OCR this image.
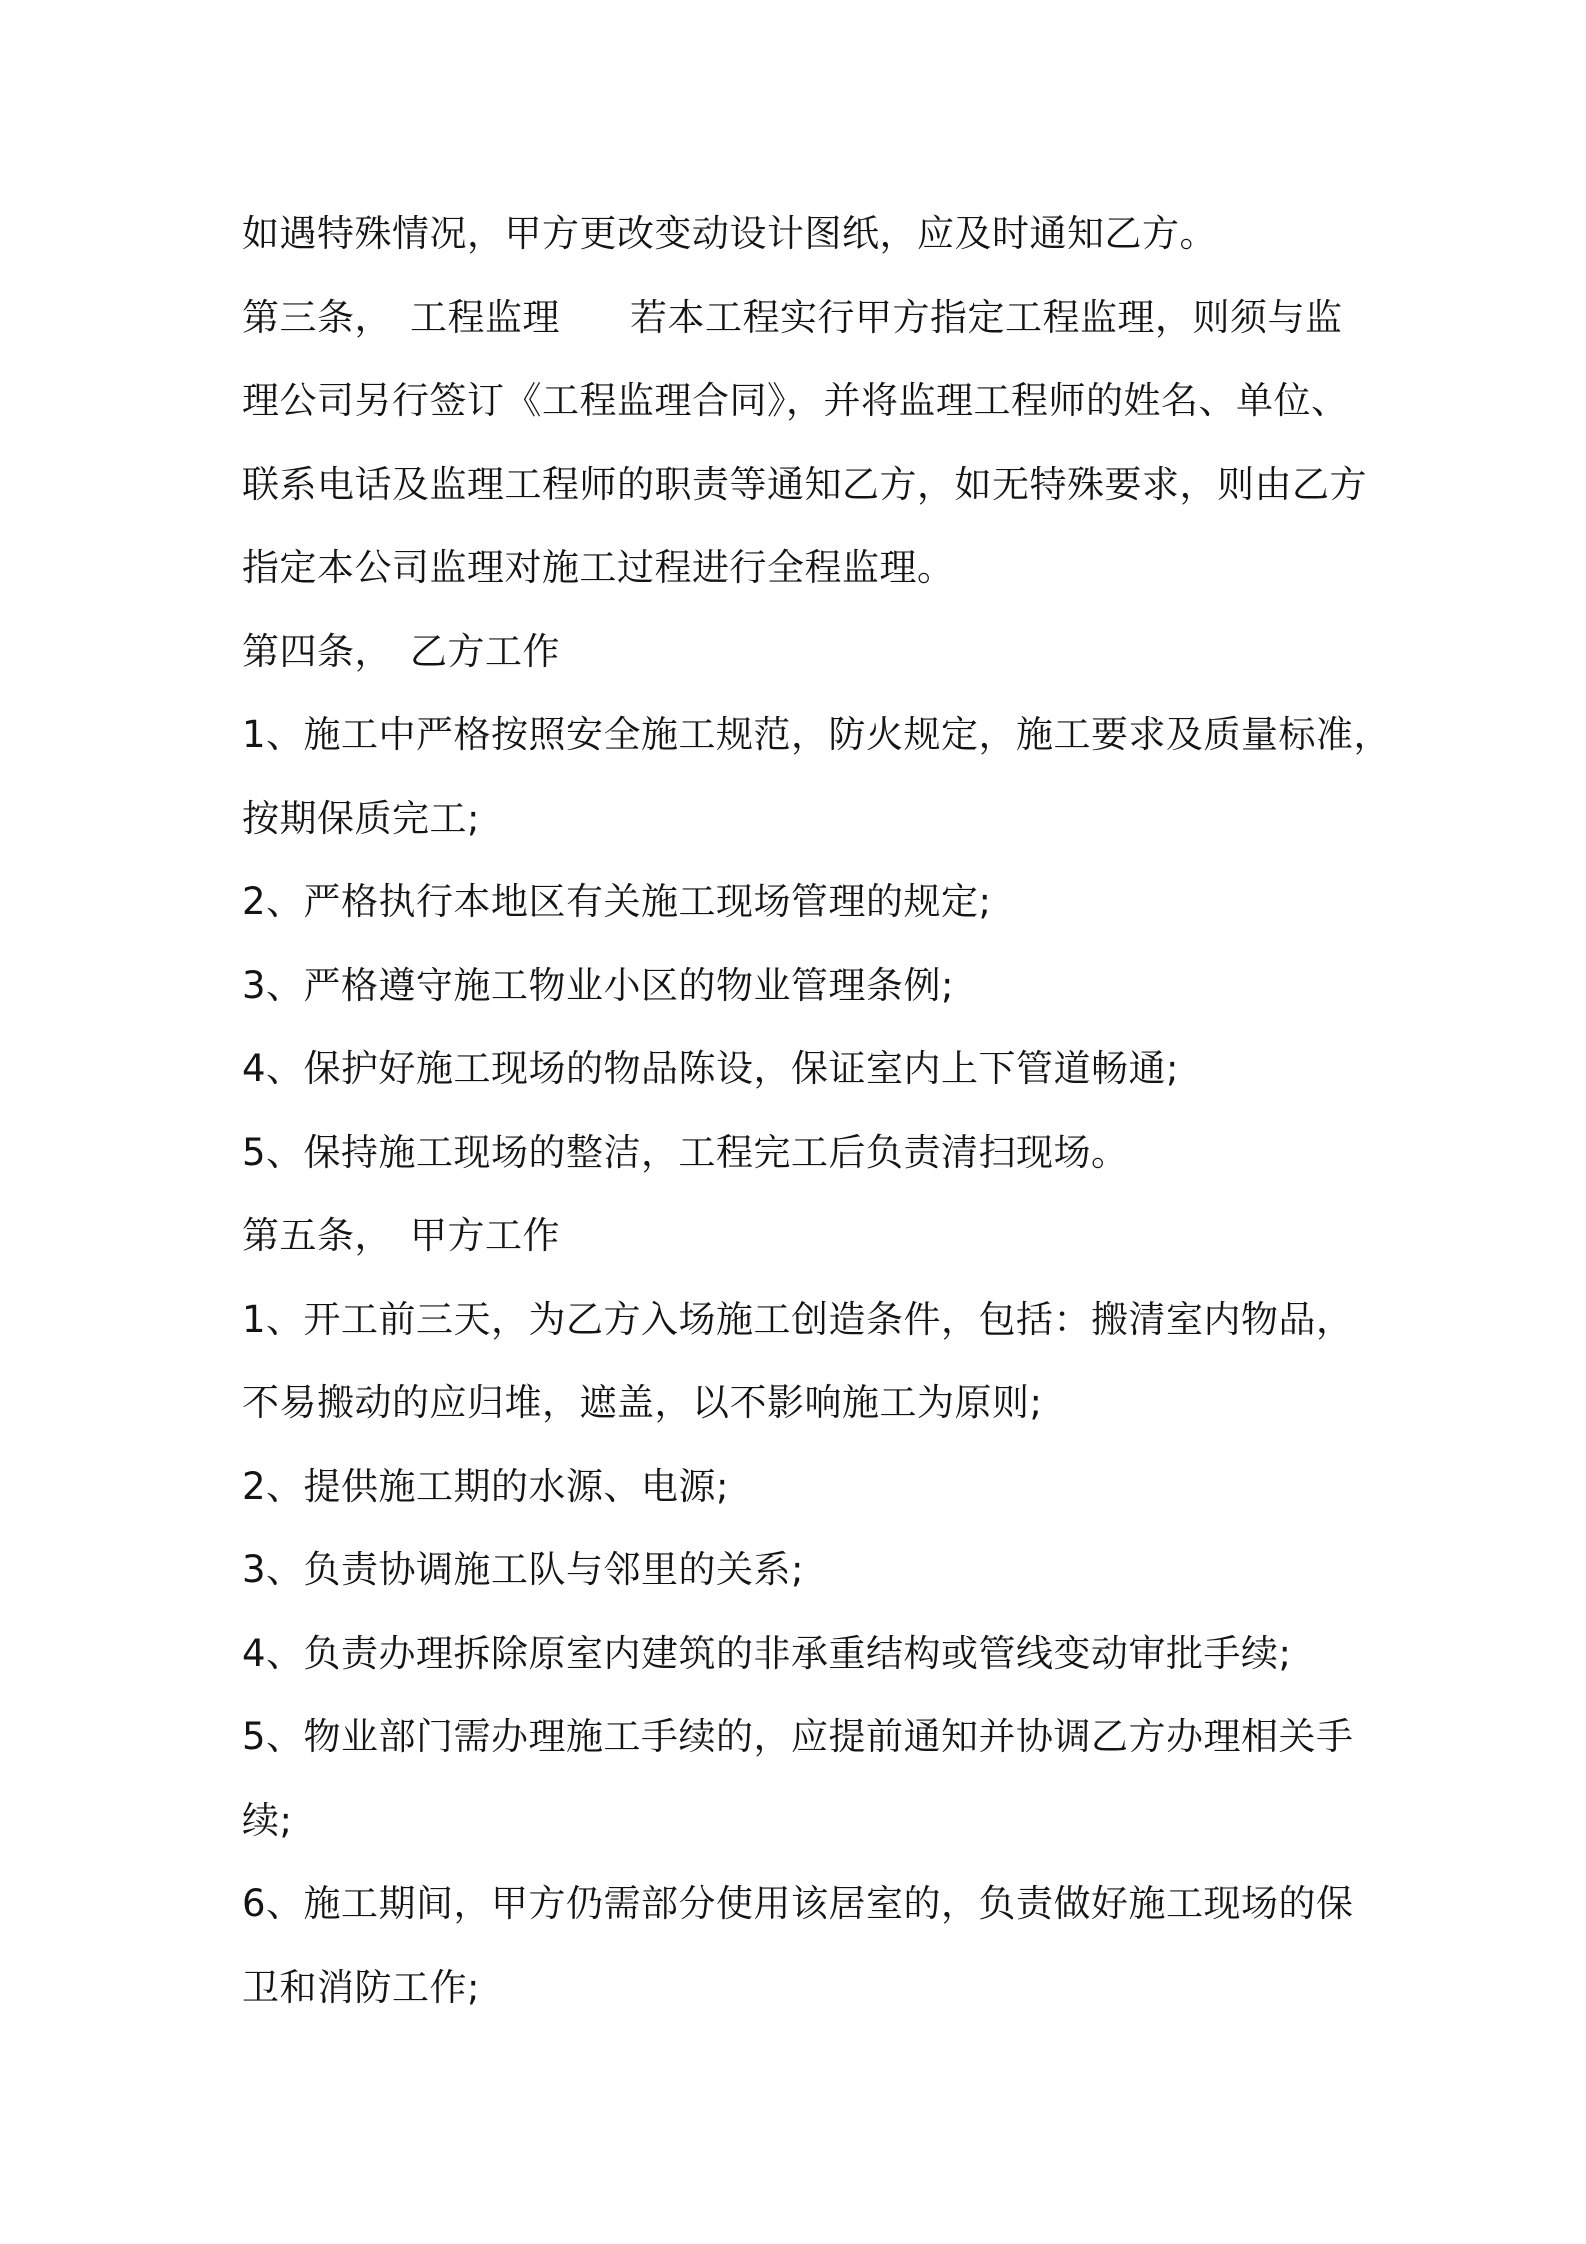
如遇特殊情况，甲方更改变动设计图纸，应及时通知乙方。
第三条， 工程监理 若本工程实行甲方指定工程监理，则须与监
理公司另行签订《工程监理合同》，并将监理工程师的姓名、单位、
联系电话及监理工程师的职责等通知乙方，如无特殊要求，则由乙方
指定本公司监理对施工过程进行全程监理。
第四条， 乙方工作
1、施工中严格按照安全施工规范，防火规定，施工要求及质量标准，
按期保质完工;
2、严格执行本地区有关施工现场管理的规定;
3、严格遵守施工物业小区的物业管理条例;
4、保护好施工现场的物品陈设，保证室内上下管道畅通;
5、保持施工现场的整洁，工程完工后负责清扫现场。
第五条， 甲方工作
1、开工前三天，为乙方入场施工创造条件，包括：搬清室内物品，
不易搬动的应归堆，遮盖，以不影响施工为原则;
2、提供施工期的水源、电源;
3、负责协调施工队与邻里的关系;
4、负责办理拆除原室内建筑的非承重结构或管线变动审批手续;
5、物业部门需办理施工手续的，应提前通知并协调乙方办理相关手
续;
6、施工期间，甲方仍需部分使用该居室的，负责做好施工现场的保
卫和消防工作;
